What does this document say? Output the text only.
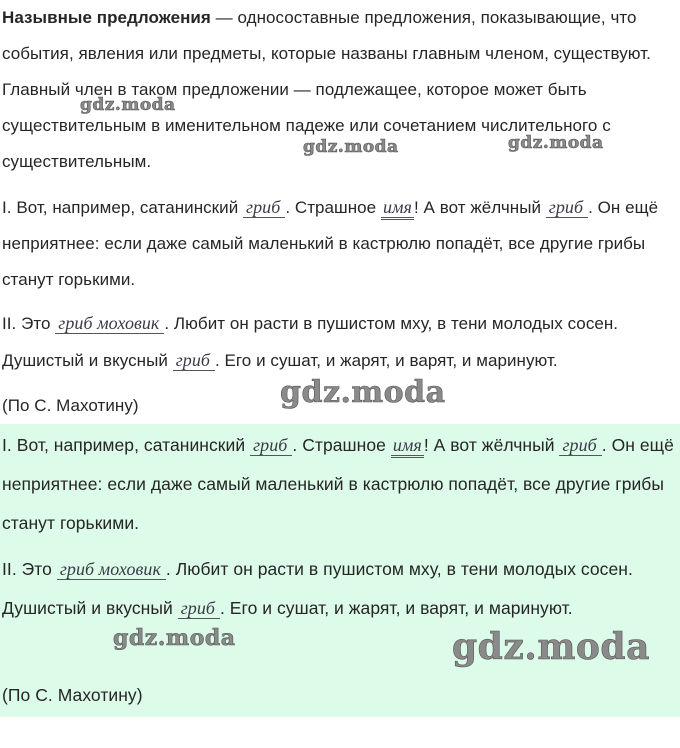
Назывные предложения — односоставные предложения, показывающие, что события, явления или предметы, которые названы главным членом, существуют. Главный член в таком предложении — подлежащее, которое может быть существительным в именительном падеже или сочетанием числительного с существительным.

I. Вот, например, сатанинский гриб . Страшное имя ! А вот жёлчный гриб . Он ещё неприятнее: если даже самый маленький в кастрюлю попадёт, все другие грибы станут горькими.

II. Это гриб моховик . Любит он расти в пушистом мху, в тени молодых сосен. Душистый и вкусный гриб . Его и сушат, и жарят, и варят, и маринуют.

(По С. Махотину)

I. Вот, например, сатанинский гриб . Страшное имя ! А вот жёлчный гриб . Он ещё неприятнее: если даже самый маленький в кастрюлю попадёт, все другие грибы станут горькими.

II. Это гриб моховик . Любит он расти в пушистом мху, в тени молодых сосен. Душистый и вкусный гриб . Его и сушат, и жарят, и варят, и маринуют.

(По С. Махотину)

gdz.moda
gdz.moda	gdz.moda
gdz.moda
gdz.moda	gdz.moda
